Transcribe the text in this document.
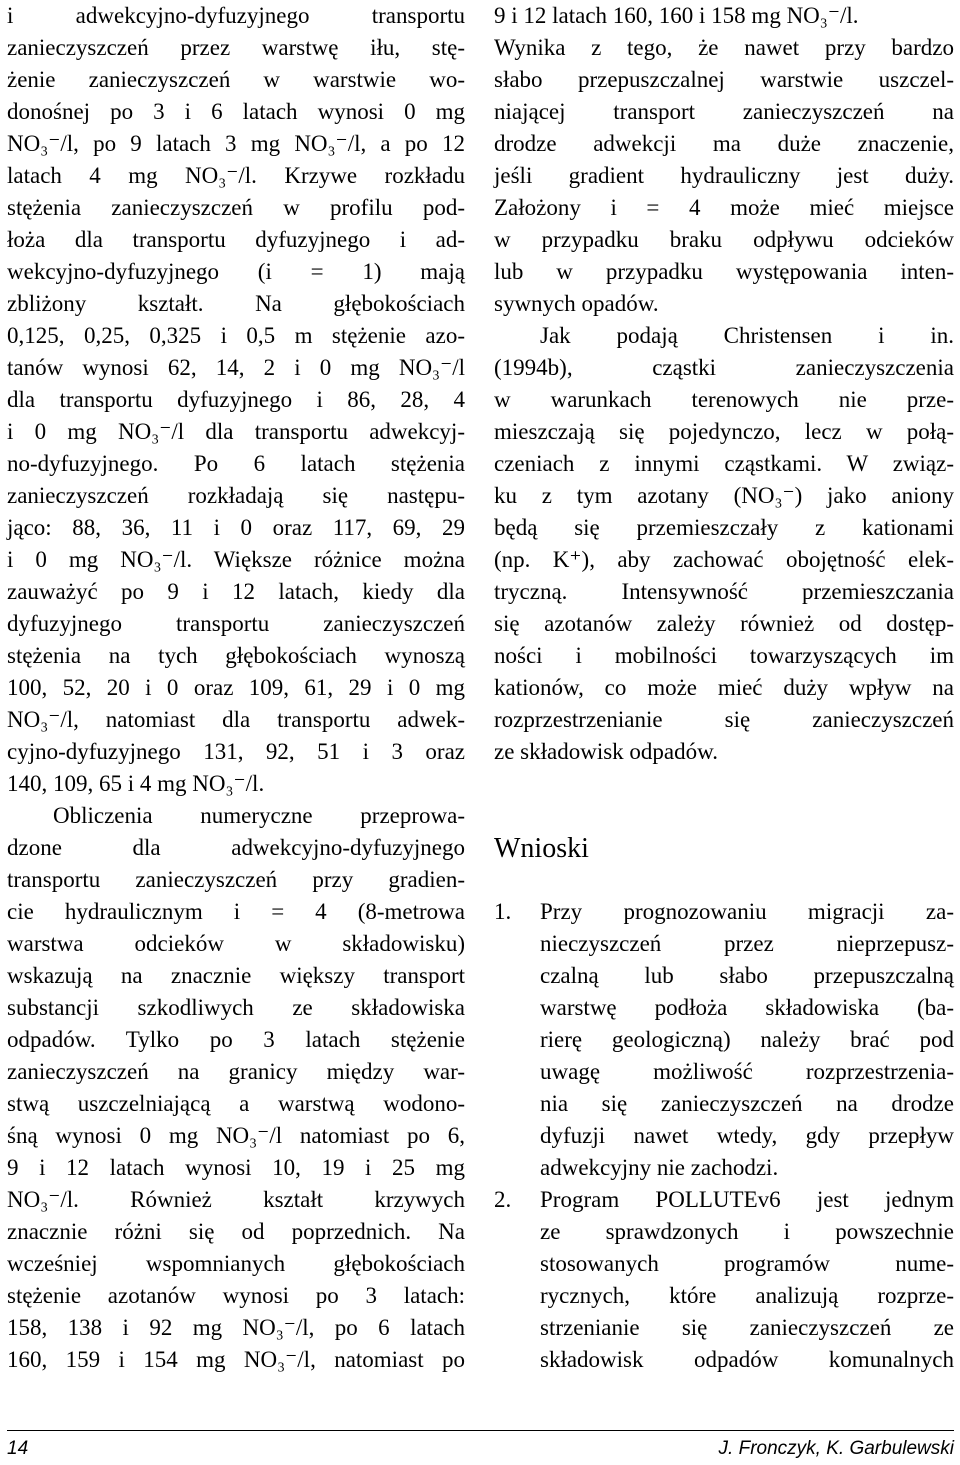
i adwekcyjno-dyfuzyjnego transportu
zanieczyszczeń przez warstwę iłu, stę-
żenie zanieczyszczeń w warstwie wo-
donośnej po 3 i 6 latach wynosi 0 mg
NO₃⁻/l, po 9 latach 3 mg NO₃⁻/l, a po 12
latach 4 mg NO₃⁻/l. Krzywe rozkładu
stężenia zanieczyszczeń w profilu pod-
łoża dla transportu dyfuzyjnego i ad-
wekcyjno-dyfuzyjnego (i = 1) mają
zbliżony kształt. Na głębokościach
0,125, 0,25, 0,325 i 0,5 m stężenie azo-
tanów wynosi 62, 14, 2 i 0 mg NO₃⁻/l
dla transportu dyfuzyjnego i 86, 28, 4
i 0 mg NO₃⁻/l dla transportu adwekcyj-
no-dyfuzyjnego. Po 6 latach stężenia
zanieczyszczeń rozkładają się następu-
jąco: 88, 36, 11 i 0 oraz 117, 69, 29
i 0 mg NO₃⁻/l. Większe różnice można
zauważyć po 9 i 12 latach, kiedy dla
dyfuzyjnego transportu zanieczyszczeń
stężenia na tych głębokościach wynoszą
100, 52, 20 i 0 oraz 109, 61, 29 i 0 mg
NO₃⁻/l, natomiast dla transportu adwek-
cyjno-dyfuzyjnego 131, 92, 51 i 3 oraz
140, 109, 65 i 4 mg NO₃⁻/l.
Obliczenia numeryczne przeprowa-
dzone dla adwekcyjno-dyfuzyjnego
transportu zanieczyszczeń przy gradien-
cie hydraulicznym i = 4 (8-metrowa
warstwa odcieków w składowisku)
wskazują na znacznie większy transport
substancji szkodliwych ze składowiska
odpadów. Tylko po 3 latach stężenie
zanieczyszczeń na granicy między war-
stwą uszczelniającą a warstwą wodono-
śną wynosi 0 mg NO₃⁻/l natomiast po 6,
9 i 12 latach wynosi 10, 19 i 25 mg
NO₃⁻/l. Również kształt krzywych
znacznie różni się od poprzednich. Na
wcześniej wspomnianych głębokościach
stężenie azotanów wynosi po 3 latach:
158, 138 i 92 mg NO₃⁻/l, po 6 latach
160, 159 i 154 mg NO₃⁻/l, natomiast po
9 i 12 latach 160, 160 i 158 mg NO₃⁻/l.
Wynika z tego, że nawet przy bardzo
słabo przepuszczalnej warstwie uszczel-
niającej transport zanieczyszczeń na
drodze adwekcji ma duże znaczenie,
jeśli gradient hydrauliczny jest duży.
Założony i = 4 może mieć miejsce
w przypadku braku odpływu odcieków
lub w przypadku występowania inten-
sywnych opadów.
Jak podają Christensen i in.
(1994b), cząstki zanieczyszczenia
w warunkach terenowych nie prze-
mieszczają się pojedynczo, lecz w połą-
czeniach z innymi cząstkami. W związ-
ku z tym azotany (NO₃⁻) jako aniony
będą się przemieszczały z kationami
(np. K⁺), aby zachować obojętność elek-
tryczną. Intensywność przemieszczania
się azotanów zależy również od dostęp-
ności i mobilności towarzyszących im
kationów, co może mieć duży wpływ na
rozprzestrzenianie się zanieczyszczeń
ze składowisk odpadów.
1. Przy prognozowaniu migracji za-
nieczyszczeń przez nieprzepusz-
czalną lub słabo przepuszczalną
warstwę podłoża składowiska (ba-
rierę geologiczną) należy brać pod
uwagę możliwość rozprzestrzenia-
nia się zanieczyszczeń na drodze
dyfuzji nawet wtedy, gdy przepływ
adwekcyjny nie zachodzi.
2. Program POLLUTEv6 jest jednym
ze sprawdzonych i powszechnie
stosowanych programów nume-
rycznych, które analizują rozprze-
strzenianie się zanieczyszczeń ze
składowisk odpadów komunalnych
Wnioski
14	J. Fronczyk, K. Garbulewski
